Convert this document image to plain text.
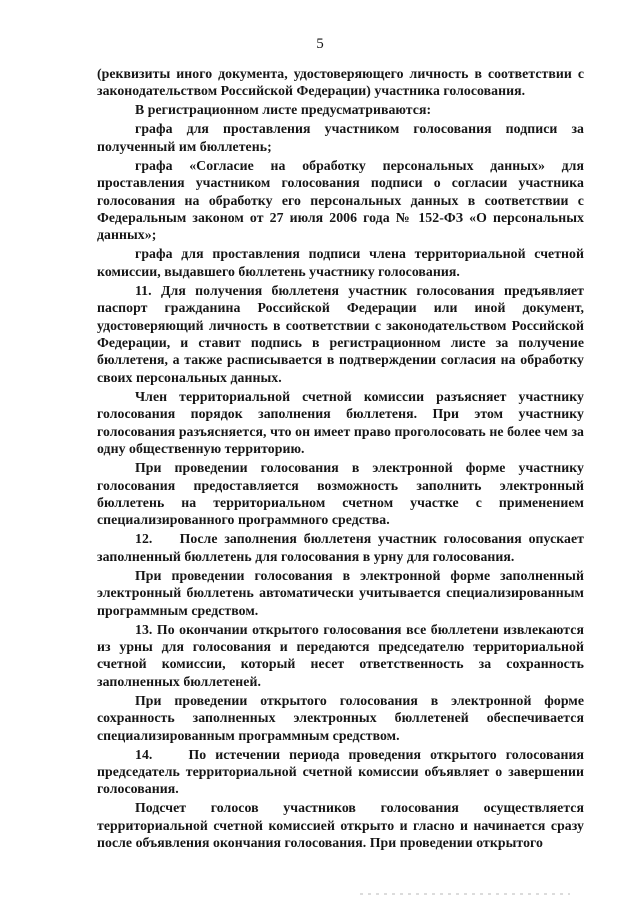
5

(реквизиты иного документа, удостоверяющего личность в соответствии с законодательством Российской Федерации) участника голосования.

В регистрационном листе предусматриваются:

графа для проставления участником голосования подписи за полученный им бюллетень;

графа «Согласие на обработку персональных данных» для проставления участником голосования подписи о согласии участника голосования на обработку его персональных данных в соответствии с Федеральным законом от 27 июля 2006 года № 152-ФЗ «О персональных данных»;

графа для проставления подписи члена территориальной счетной комиссии, выдавшего бюллетень участнику голосования.

11. Для получения бюллетеня участник голосования предъявляет паспорт гражданина Российской Федерации или иной документ, удостоверяющий личность в соответствии с законодательством Российской Федерации, и ставит подпись в регистрационном листе за получение бюллетеня, а также расписывается в подтверждении согласия на обработку своих персональных данных.

Член территориальной счетной комиссии разъясняет участнику голосования порядок заполнения бюллетеня. При этом участнику голосования разъясняется, что он имеет право проголосовать не более чем за одну общественную территорию.

При проведении голосования в электронной форме участнику голосования предоставляется возможность заполнить электронный бюллетень на территориальном счетном участке с применением специализированного программного средства.

12.    После заполнения бюллетеня участник голосования опускает заполненный бюллетень для голосования в урну для голосования.

При проведении голосования в электронной форме заполненный электронный бюллетень автоматически учитывается специализированным программным средством.

13. По окончании открытого голосования все бюллетени извлекаются из урны для голосования и передаются председателю территориальной счетной комиссии, который несет ответственность за сохранность заполненных бюллетеней.

При проведении открытого голосования в электронной форме сохранность заполненных электронных бюллетеней обеспечивается специализированным программным средством.

14.    По истечении периода проведения открытого голосования председатель территориальной счетной комиссии объявляет о завершении голосования.

Подсчет голосов участников голосования осуществляется территориальной счетной комиссией открыто и гласно и начинается сразу после объявления окончания голосования. При проведении открытого
